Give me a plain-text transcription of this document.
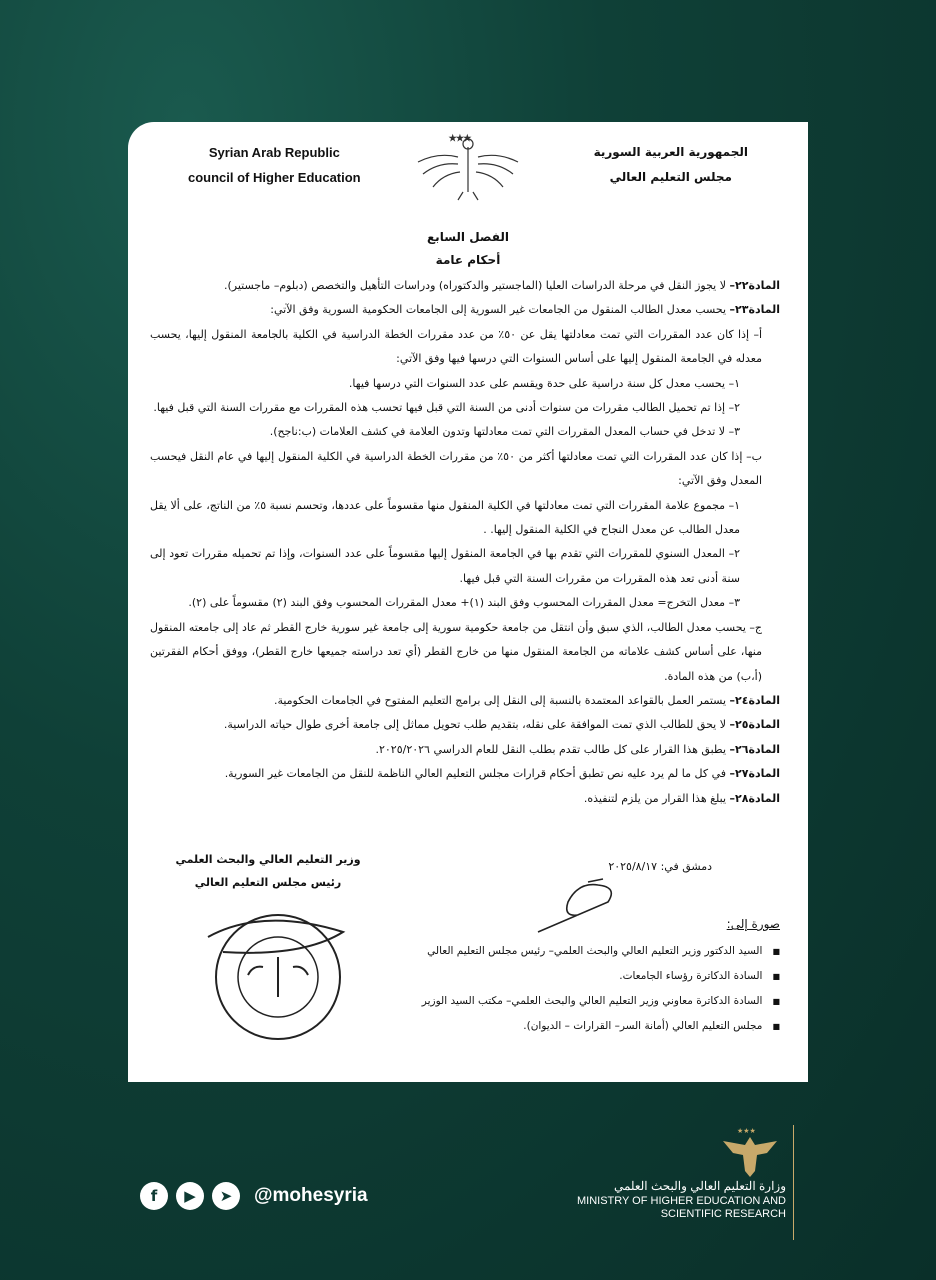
Syrian Arab Republic
council of Higher Education
★ ★ ★
الجمهورية العربية السورية
مجلس التعليم العالي
الفصل السابع
أحكام عامة

المادة٢٢– لا يجوز النقل في مرحلة الدراسات العليا (الماجستير والدكتوراه) ودراسات التأهيل والتخصص (دبلوم– ماجستير).

المادة٢٣– يحسب معدل الطالب المنقول من الجامعات غير السورية إلى الجامعات الحكومية السورية وفق الآتي:

أ– إذا كان عدد المقررات التي تمت معادلتها يقل عن ٥٠٪ من عدد مقررات الخطة الدراسية في الكلية بالجامعة المنقول إليها، يحسب معدله في الجامعة المنقول إليها على أساس السنوات التي درسها فيها وفق الآتي:

١– يحسب معدل كل سنة دراسية على حدة ويقسم على عدد السنوات التي درسها فيها.

٢– إذا تم تحميل الطالب مقررات من سنوات أدنى من السنة التي قبل فيها تحسب هذه المقررات مع مقررات السنة التي قبل فيها.

٣– لا تدخل في حساب المعدل المقررات التي تمت معادلتها وتدون العلامة في كشف العلامات (ب:ناجح).

ب– إذا كان عدد المقررات التي تمت معادلتها أكثر من ٥٠٪ من مقررات الخطة الدراسية في الكلية المنقول إليها في عام النقل فيحسب المعدل وفق الآتي:

١– مجموع علامة المقررات التي تمت معادلتها في الكلية المنقول منها مقسوماً على عددها، وتحسم نسبة ٥٪ من الناتج، على ألا يقل معدل الطالب عن معدل النجاح في الكلية المنقول إليها. .

٢– المعدل السنوي للمقررات التي تقدم بها في الجامعة المنقول إليها مقسوماً على عدد السنوات، وإذا تم تحميله مقررات تعود إلى سنة أدنى تعد هذه المقررات من مقررات السنة التي قبل فيها.

٣– معدل التخرج= معدل المقررات المحسوب وفق البند (١)+ معدل المقررات المحسوب وفق البند (٢) مقسوماً على (٢).

ج– يحسب معدل الطالب، الذي سبق وأن انتقل من جامعة حكومية سورية إلى جامعة غير سورية خارج القطر ثم عاد إلى جامعته المنقول منها، على أساس كشف علاماته من الجامعة المنقول منها من خارج القطر (أي تعد دراسته جميعها خارج القطر)، ووفق أحكام الفقرتين (أ،ب) من هذه المادة.

المادة٢٤– يستمر العمل بالقواعد المعتمدة بالنسبة إلى النقل إلى برامج التعليم المفتوح في الجامعات الحكومية.

المادة٢٥– لا يحق للطالب الذي تمت الموافقة على نقله، بتقديم طلب تحويل مماثل إلى جامعة أخرى طوال حياته الدراسية.

المادة٢٦– يطبق هذا القرار على كل طالب تقدم بطلب النقل للعام الدراسي ٢٠٢٥/٢٠٢٦.

المادة٢٧– في كل ما لم يرد عليه نص تطبق أحكام قرارات مجلس التعليم العالي الناظمة للنقل من الجامعات غير السورية.

المادة٢٨– يبلغ هذا القرار من يلزم لتنفيذه.

دمشق في: ٢٠٢٥/٨/١٧
وزير التعليم العالي والبحث العلمي
رئيس مجلس التعليم العالي
صورة إلى:
■ السيد الدكتور وزير التعليم العالي والبحث العلمي– رئيس مجلس التعليم العالي
■ السادة الدكاترة رؤساء الجامعات.
■ السادة الدكاترة معاوني وزير التعليم العالي والبحث العلمي– مكتب السيد الوزير
■ مجلس التعليم العالي (أمانة السر– القرارات – الديوان).
f	▶	➤	@mohesyria
★★★
وزارة التعليم العالي والبحث العلمي
MINISTRY OF HIGHER EDUCATION AND
SCIENTIFIC RESEARCH
